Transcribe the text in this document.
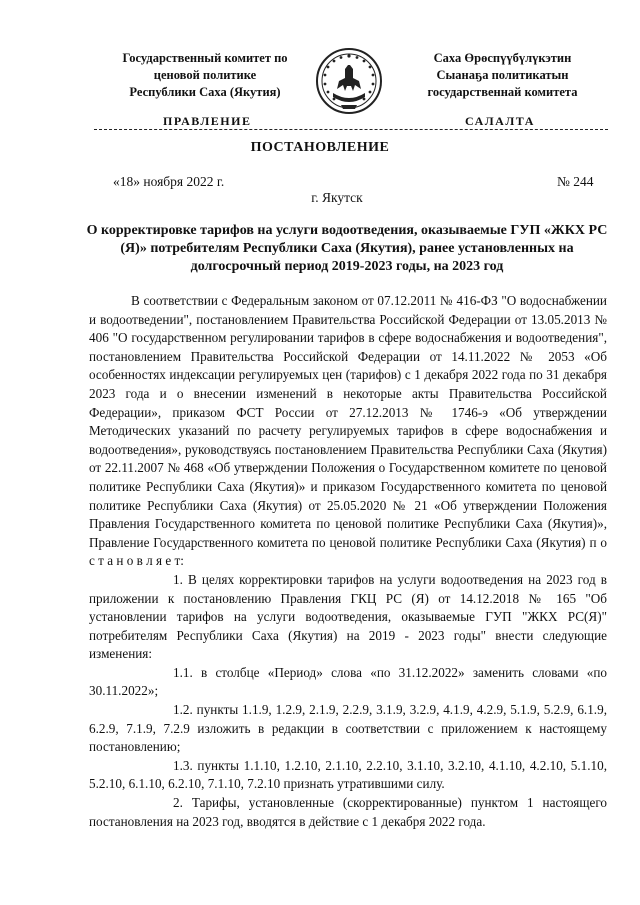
Государственный комитет по
ценовой политике
Республики Саха (Якутия)
Саха Өрөспүүбүлүкэтин
Сыанаҕа политикатын
государственнай комитета
ПРАВЛЕНИЕ	САЛАЛТА
ПОСТАНОВЛЕНИЕ
«18» ноября 2022 г.	№ 244
г. Якутск
О корректировке тарифов на услуги водоотведения, оказываемые ГУП «ЖКХ РС (Я)» потребителям Республики Саха (Якутия), ранее установленных на долгосрочный период 2019-2023 годы, на 2023 год

В соответствии с Федеральным законом от 07.12.2011 № 416-ФЗ "О водоснабжении и водоотведении", постановлением Правительства Российской Федерации от 13.05.2013 № 406 "О государственном регулировании тарифов в сфере водоснабжения и водоотведения", постановлением Правительства Российской Федерации от 14.11.2022 № 2053 «Об особенностях индексации регулируемых цен (тарифов) с 1 декабря 2022 года по 31 декабря 2023 года и о внесении изменений в некоторые акты Правительства Российской Федерации», приказом ФСТ России от 27.12.2013 № 1746-э «Об утверждении Методических указаний по расчету регулируемых тарифов в сфере водоснабжения и водоотведения», руководствуясь постановлением Правительства Республики Саха (Якутия) от 22.11.2007 № 468 «Об утверждении Положения о Государственном комитете по ценовой политике Республики Саха (Якутия)» и приказом Государственного комитета по ценовой политике Республики Саха (Якутия) от 25.05.2020 № 21 «Об утверждении Положения Правления Государственного комитета по ценовой политике Республики Саха (Якутия)», Правление Государственного комитета по ценовой политике Республики Саха (Якутия) п о с т а н о в л я е т:

1. В целях корректировки тарифов на услуги водоотведения на 2023 год в приложении к постановлению Правления ГКЦ РС (Я) от 14.12.2018 № 165 "Об установлении тарифов на услуги водоотведения, оказываемые ГУП "ЖКХ РС(Я)" потребителям Республики Саха (Якутия) на 2019 - 2023 годы" внести следующие изменения:

1.1. в столбце «Период» слова «по 31.12.2022» заменить словами «по 30.11.2022»;

1.2. пункты 1.1.9, 1.2.9, 2.1.9, 2.2.9, 3.1.9, 3.2.9, 4.1.9, 4.2.9, 5.1.9, 5.2.9, 6.1.9, 6.2.9, 7.1.9, 7.2.9 изложить в редакции в соответствии с приложением к настоящему постановлению;

1.3. пункты 1.1.10, 1.2.10, 2.1.10, 2.2.10, 3.1.10, 3.2.10, 4.1.10, 4.2.10, 5.1.10, 5.2.10, 6.1.10, 6.2.10, 7.1.10, 7.2.10 признать утратившими силу.

2. Тарифы, установленные (скорректированные) пунктом 1 настоящего постановления на 2023 год, вводятся в действие с 1 декабря 2022 года.
